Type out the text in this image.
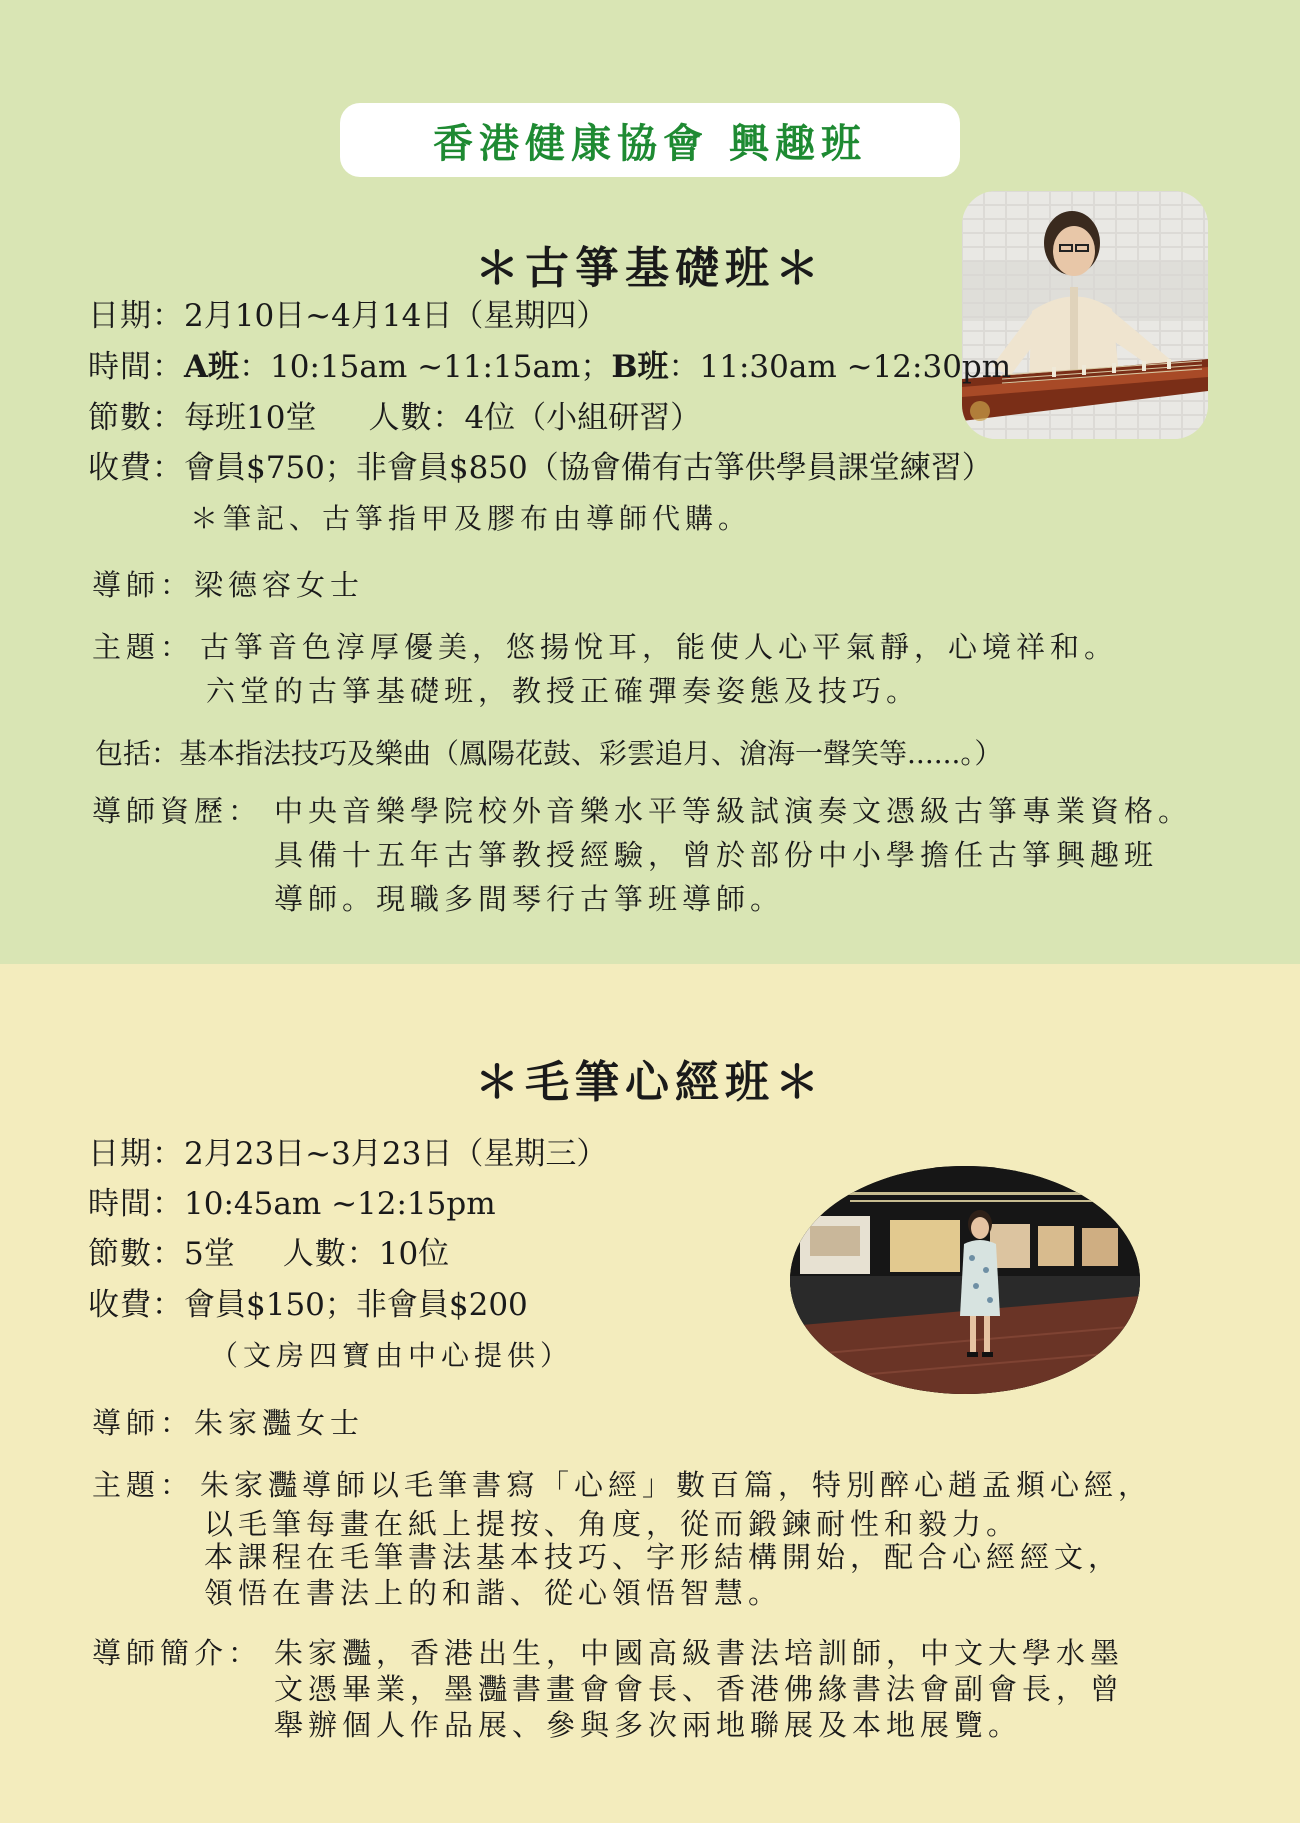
香港健康協會 興趣班
＊古箏基礎班＊
日期：2月10日~4月14日（星期四）
時間：A班：10:15am ~11:15am；B班：11:30am ~12:30pm
節數：每班10堂 人數：4位（小組研習）
收費：會員$750；非會員$850（協會備有古箏供學員課堂練習）
＊筆記、古箏指甲及膠布由導師代購。
導師：梁德容女士
主題： 古箏音色淳厚優美，悠揚悅耳，能使人心平氣靜，心境祥和。
六堂的古箏基礎班，教授正確彈奏姿態及技巧。
包括：基本指法技巧及樂曲（鳳陽花鼓、彩雲追月、滄海一聲笑等......。）
導師資歷： 中央音樂學院校外音樂水平等級試演奏文憑級古箏專業資格。
具備十五年古箏教授經驗，曾於部份中小學擔任古箏興趣班
導師。現職多間琴行古箏班導師。
＊毛筆心經班＊
日期：2月23日~3月23日（星期三）
時間：10:45am ~12:15pm
節數：5堂 人數：10位
收費：會員$150；非會員$200
（文房四寶由中心提供）
導師：朱家灩女士
主題： 朱家灩導師以毛筆書寫「心經」數百篇，特別醉心趙孟頫心經，
以毛筆每畫在紙上提按、角度，從而鍛鍊耐性和毅力。
本課程在毛筆書法基本技巧、字形結構開始，配合心經經文，
領悟在書法上的和諧、從心領悟智慧。
導師簡介： 朱家灩，香港出生，中國高級書法培訓師，中文大學水墨
文憑畢業，墨灩書畫會會長、香港佛緣書法會副會長，曾
舉辦個人作品展、參與多次兩地聯展及本地展覽。
